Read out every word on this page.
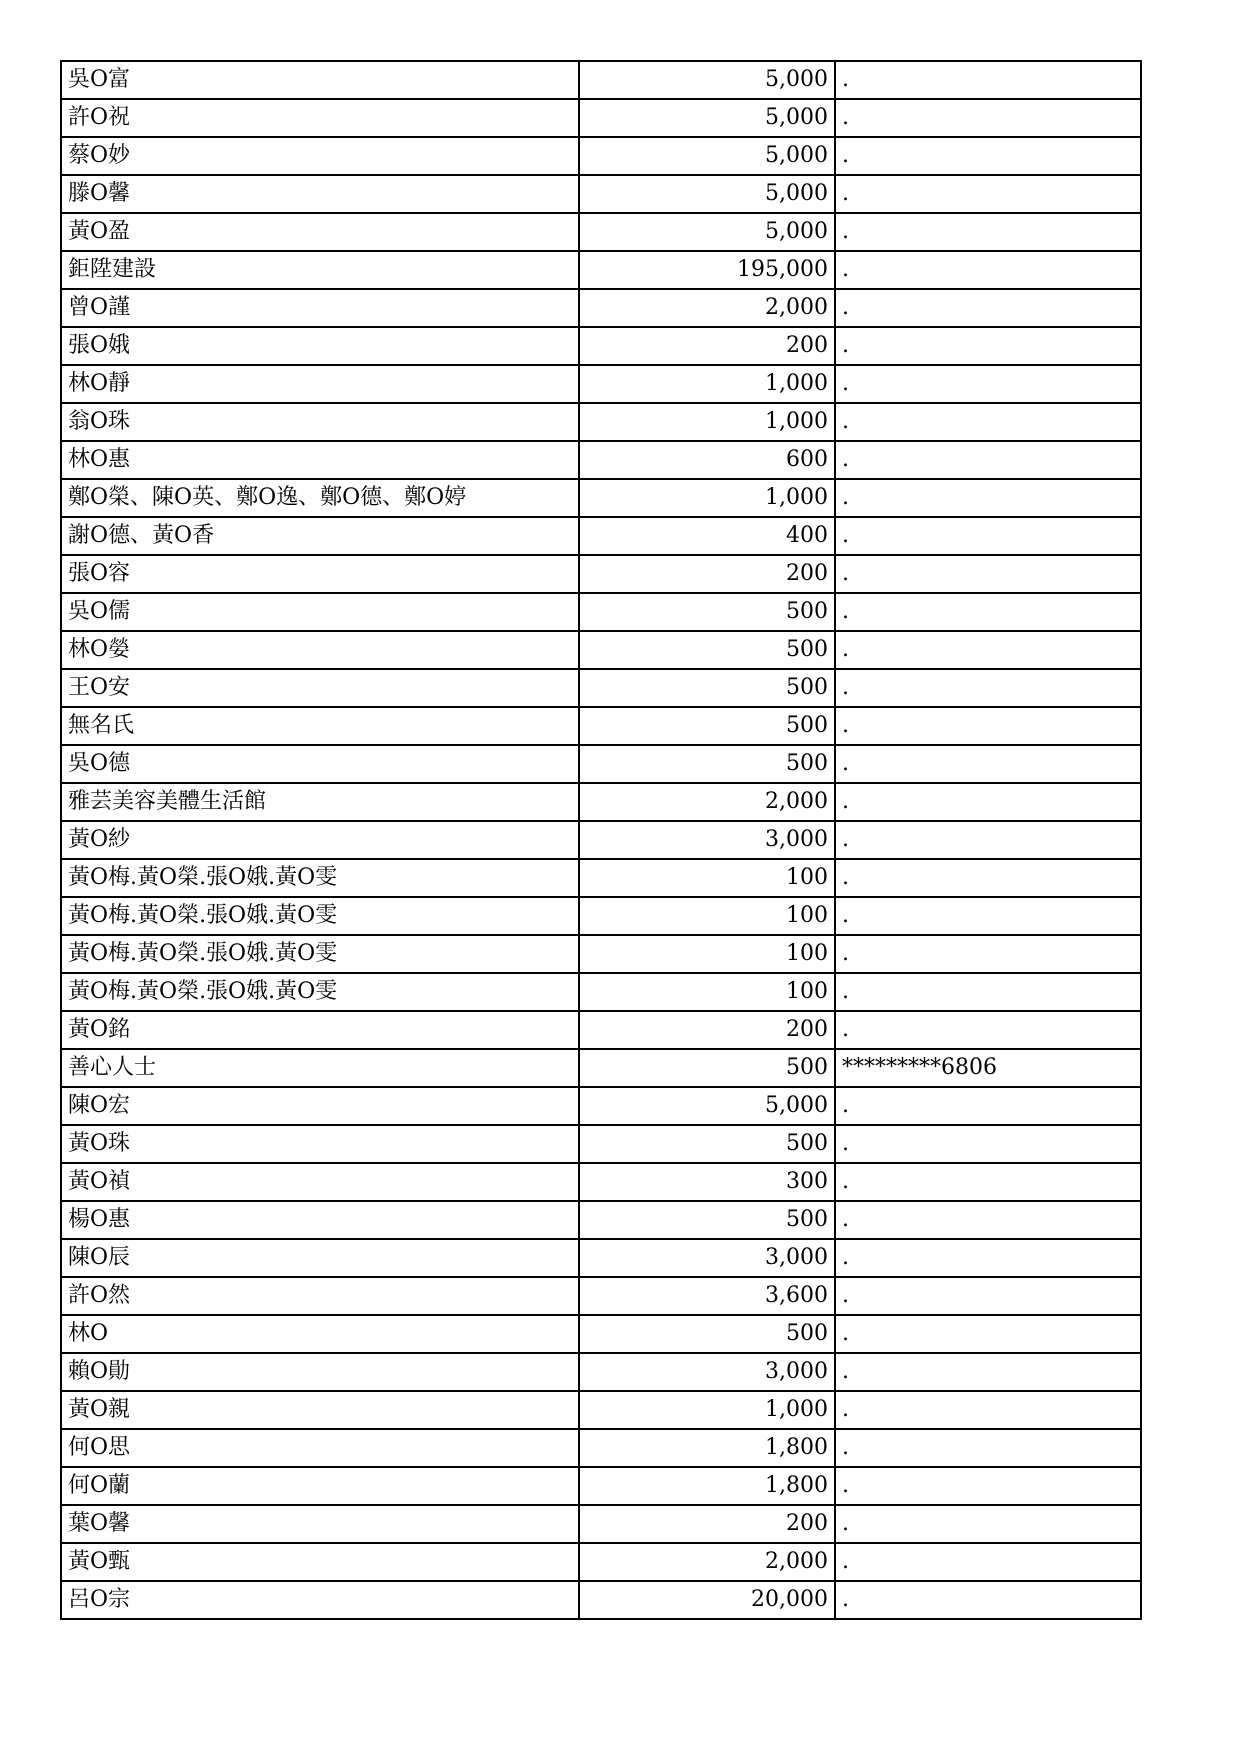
吳O富	5,000	.
許O祝	5,000	.
蔡O妙	5,000	.
滕O馨	5,000	.
黃O盈	5,000	.
鉅陞建設	195,000	.
曾O謹	2,000	.
張O娥	200	.
林O靜	1,000	.
翁O珠	1,000	.
林O惠	600	.
鄭O榮、陳O英、鄭O逸、鄭O德、鄭O婷	1,000	.
謝O德、黃O香	400	.
張O容	200	.
吳O儒	500	.
林O嫈	500	.
王O安	500	.
無名氏	500	.
吳O德	500	.
雅芸美容美體生活館	2,000	.
黃O紗	3,000	.
黃O梅.黃O榮.張O娥.黃O雯	100	.
黃O梅.黃O榮.張O娥.黃O雯	100	.
黃O梅.黃O榮.張O娥.黃O雯	100	.
黃O梅.黃O榮.張O娥.黃O雯	100	.
黃O銘	200	.
善心人士	500	*********6806
陳O宏	5,000	.
黃O珠	500	.
黃O禎	300	.
楊O惠	500	.
陳O辰	3,000	.
許O然	3,600	.
林O	500	.
賴O勛	3,000	.
黃O親	1,000	.
何O思	1,800	.
何O蘭	1,800	.
葉O馨	200	.
黃O甄	2,000	.
呂O宗	20,000	.
